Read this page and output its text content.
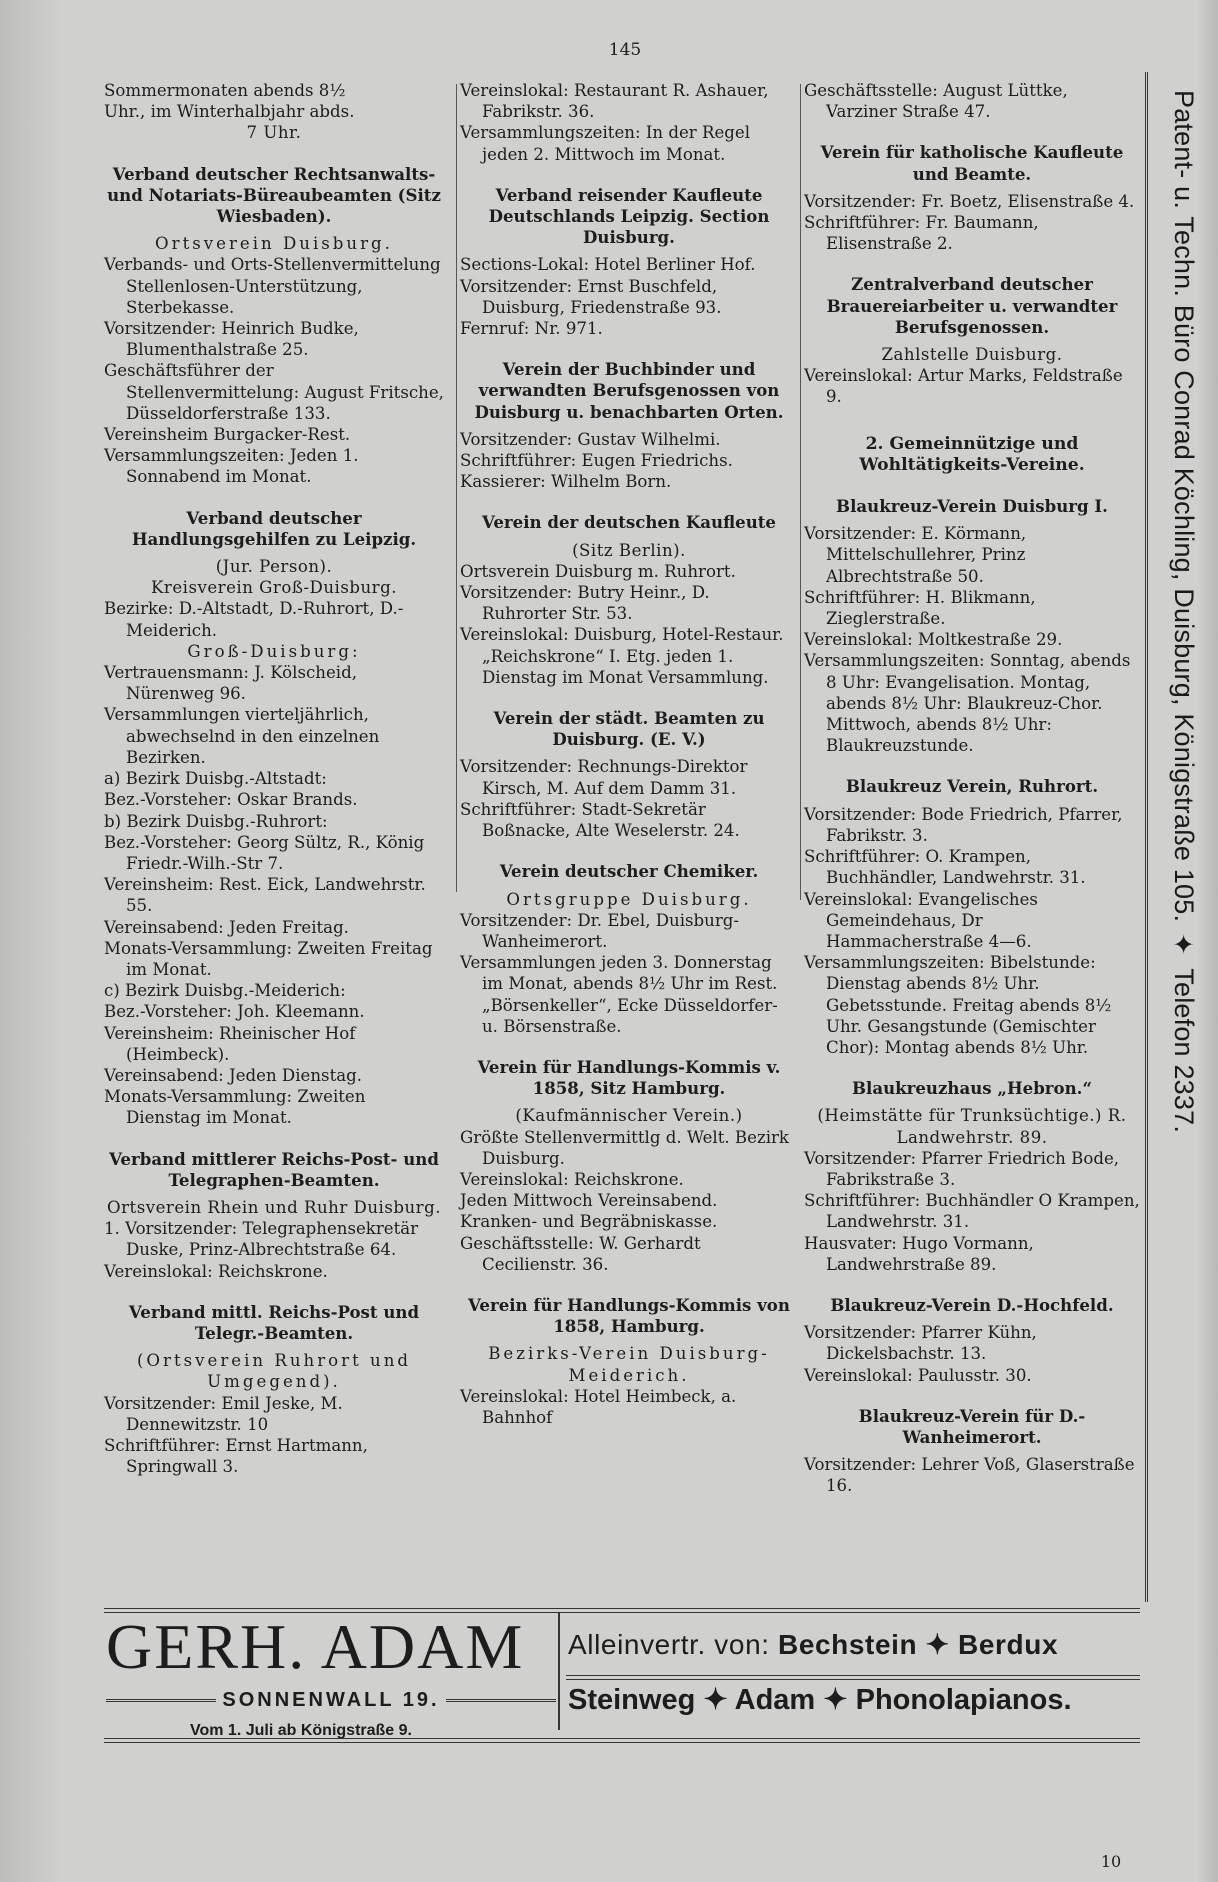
145

Sommermonaten abends 8½

Uhr., im Winterhalbjahr abds.

7 Uhr.

Verband deutscher Rechtsanwalts- und Notariats-Büreaubeamten (Sitz Wiesbaden).

Ortsverein Duisburg.

Verbands- und Orts-Stellenvermittelung Stellenlosen-Unterstützung, Sterbekasse.

Vorsitzender: Heinrich Budke, Blumenthalstraße 25.

Geschäftsführer der Stellenvermittelung: August Fritsche, Düsseldorferstraße 133.

Vereinsheim Burgacker-Rest.

Versammlungszeiten: Jeden 1. Sonnabend im Monat.

Verband deutscher Handlungsgehilfen zu Leipzig.

(Jur. Person).

Kreisverein Groß-Duisburg.

Bezirke: D.-Altstadt, D.-Ruhrort, D.-Meiderich.

Groß-Duisburg:

Vertrauensmann: J. Kölscheid, Nürenweg 96.

Versammlungen vierteljährlich, abwechselnd in den einzelnen Bezirken.

a) Bezirk Duisbg.-Altstadt:

Bez.-Vorsteher: Oskar Brands.

b) Bezirk Duisbg.-Ruhrort:

Bez.-Vorsteher: Georg Sültz, R., König Friedr.-Wilh.-Str 7.

Vereinsheim: Rest. Eick, Landwehrstr. 55.

Vereinsabend: Jeden Freitag.

Monats-Versammlung: Zweiten Freitag im Monat.

c) Bezirk Duisbg.-Meiderich:

Bez.-Vorsteher: Joh. Kleemann.

Vereinsheim: Rheinischer Hof (Heimbeck).

Vereinsabend: Jeden Dienstag.

Monats-Versammlung: Zweiten Dienstag im Monat.

Verband mittlerer Reichs-Post- und Telegraphen-Beamten.

Ortsverein Rhein und Ruhr Duisburg.

1. Vorsitzender: Telegraphensekretär Duske, Prinz-Albrechtstraße 64.

Vereinslokal: Reichskrone.

Verband mittl. Reichs-Post und Telegr.-Beamten.

(Ortsverein Ruhrort und Umgegend).

Vorsitzender: Emil Jeske, M. Dennewitzstr. 10

Schriftführer: Ernst Hartmann, Springwall 3.

Vereinslokal: Restaurant R. Ashauer, Fabrikstr. 36.

Versammlungszeiten: In der Regel jeden 2. Mittwoch im Monat.

Verband reisender Kaufleute Deutschlands Leipzig. Section Duisburg.

Sections-Lokal: Hotel Berliner Hof.

Vorsitzender: Ernst Buschfeld, Duisburg, Friedenstraße 93.

Fernruf: Nr. 971.

Verein der Buchbinder und verwandten Berufsgenossen von Duisburg u. benachbarten Orten.

Vorsitzender: Gustav Wilhelmi.

Schriftführer: Eugen Friedrichs.

Kassierer: Wilhelm Born.

Verein der deutschen Kaufleute

(Sitz Berlin).

Ortsverein Duisburg m. Ruhrort.

Vorsitzender: Butry Heinr., D. Ruhrorter Str. 53.

Vereinslokal: Duisburg, Hotel-Restaur. „Reichskrone“ I. Etg. jeden 1. Dienstag im Monat Versammlung.

Verein der städt. Beamten zu Duisburg. (E. V.)

Vorsitzender: Rechnungs-Direktor Kirsch, M. Auf dem Damm 31.

Schriftführer: Stadt-Sekretär Boßnacke, Alte Weselerstr. 24.

Verein deutscher Chemiker.

Ortsgruppe Duisburg.

Vorsitzender: Dr. Ebel, Duisburg-Wanheimerort.

Versammlungen jeden 3. Donnerstag im Monat, abends 8½ Uhr im Rest. „Börsenkeller“, Ecke Düsseldorfer- u. Börsenstraße.

Verein für Handlungs-Kommis v. 1858, Sitz Hamburg.

(Kaufmännischer Verein.)

Größte Stellenvermittlg d. Welt. Bezirk Duisburg.

Vereinslokal: Reichskrone.

Jeden Mittwoch Vereinsabend.

Kranken- und Begräbniskasse.

Geschäftsstelle: W. Gerhardt Cecilienstr. 36.

Verein für Handlungs-Kommis von 1858, Hamburg.

Bezirks-Verein Duisburg-Meiderich.

Vereinslokal: Hotel Heimbeck, a. Bahnhof

Geschäftsstelle: August Lüttke, Varziner Straße 47.

Verein für katholische Kaufleute und Beamte.

Vorsitzender: Fr. Boetz, Elisenstraße 4.

Schriftführer: Fr. Baumann, Elisenstraße 2.

Zentralverband deutscher Brauereiarbeiter u. verwandter Berufsgenossen.

Zahlstelle Duisburg.

Vereinslokal: Artur Marks, Feldstraße 9.

2. Gemeinnützige und Wohltätigkeits-Vereine.

Blaukreuz-Verein Duisburg I.

Vorsitzender: E. Körmann, Mittelschullehrer, Prinz Albrechtstraße 50.

Schriftführer: H. Blikmann, Zieglerstraße.

Vereinslokal: Moltkestraße 29.

Versammlungszeiten: Sonntag, abends 8 Uhr: Evangelisation. Montag, abends 8½ Uhr: Blaukreuz-Chor. Mittwoch, abends 8½ Uhr: Blaukreuzstunde.

Blaukreuz Verein, Ruhrort.

Vorsitzender: Bode Friedrich, Pfarrer, Fabrikstr. 3.

Schriftführer: O. Krampen, Buchhändler, Landwehrstr. 31.

Vereinslokal: Evangelisches Gemeindehaus, Dr Hammacherstraße 4—6.

Versammlungszeiten: Bibelstunde: Dienstag abends 8½ Uhr. Gebetsstunde. Freitag abends 8½ Uhr. Gesangstunde (Gemischter Chor): Montag abends 8½ Uhr.

Blaukreuzhaus „Hebron.“

(Heimstätte für Trunksüchtige.) R. Landwehrstr. 89.

Vorsitzender: Pfarrer Friedrich Bode, Fabrikstraße 3.

Schriftführer: Buchhändler O Krampen, Landwehrstr. 31.

Hausvater: Hugo Vormann, Landwehrstraße 89.

Blaukreuz-Verein D.-Hochfeld.

Vorsitzender: Pfarrer Kühn, Dickelsbachstr. 13.

Vereinslokal: Paulusstr. 30.

Blaukreuz-Verein für D.-Wanheimerort.

Vorsitzender: Lehrer Voß, Glaserstraße 16.

Patent- u. Techn. Büro Conrad Köchling, Duisburg, Königstraße 105. ✦ Telefon 2337.
GERH. ADAM
SONNENWALL 19.
Vom 1. Juli ab Königstraße 9.
Alleinvertr. von: Bechstein ✦ Berdux
Steinweg ✦ Adam ✦ Phonolapianos.
10
